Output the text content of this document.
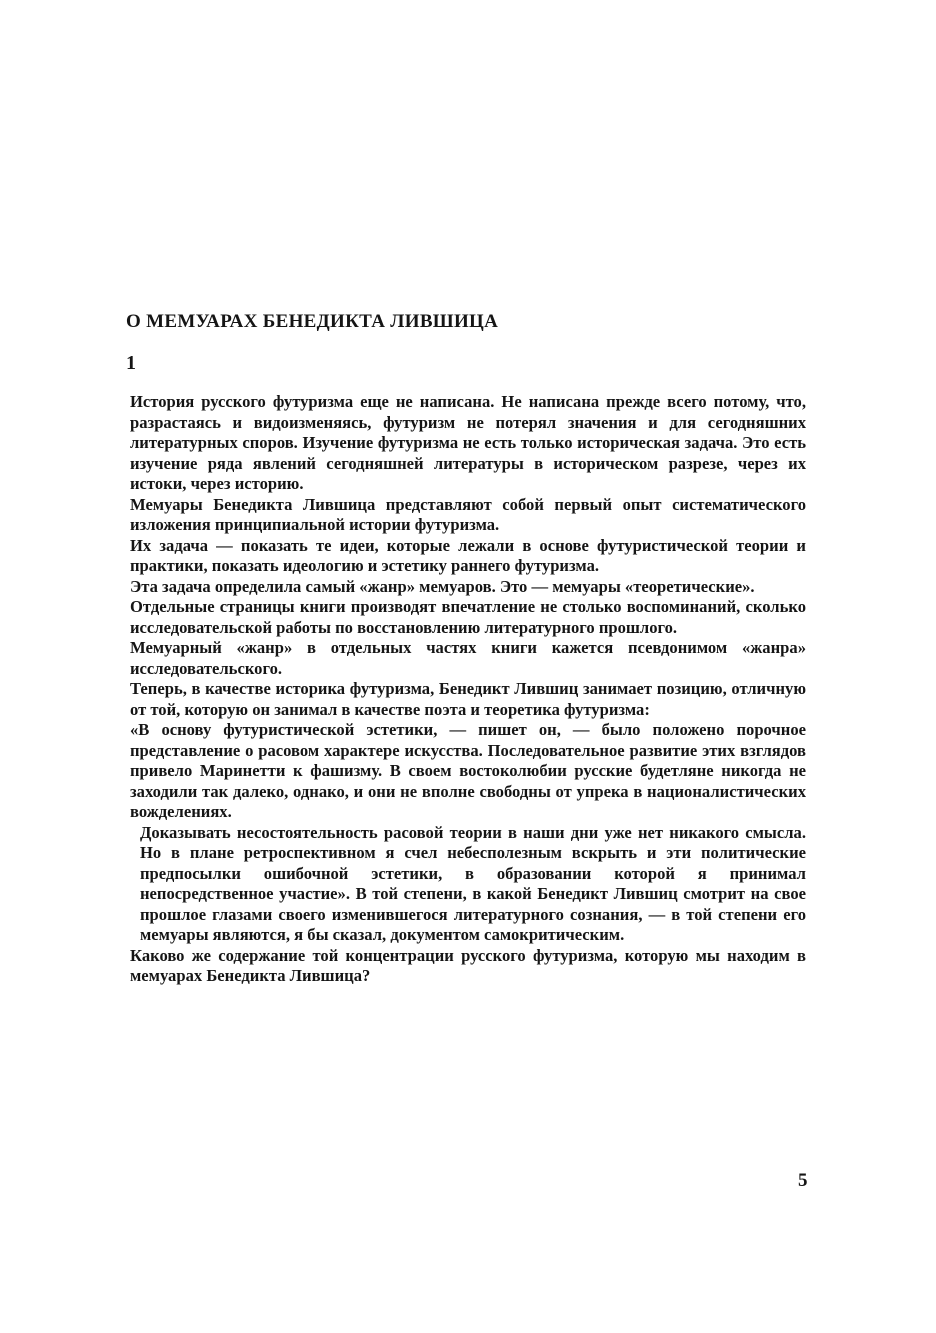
О МЕМУАРАХ БЕНЕДИКТА ЛИВШИЦА
1

История русского футуризма еще не написана. Не написана прежде всего потому, что, разрастаясь и видоизменяясь, футуризм не потерял значения и для сегодняшних литературных споров. Изучение футуризма не есть только историческая задача. Это есть изучение ряда явлений сегодняшней литературы в историческом разрезе, через их истоки, через историю.

Мемуары Бенедикта Лившица представляют собой первый опыт систематического изложения принципиальной истории футуризма.

Их задача — показать те идеи, которые лежали в основе футуристической теории и практики, показать идеологию и эстетику раннего футуризма.

Эта задача определила самый «жанр» мемуаров. Это — мемуары «теоретические».

Отдельные страницы книги производят впечатление не столько воспоминаний, сколько исследовательской работы по восстановлению литературного прошлого.

Мемуарный «жанр» в отдельных частях книги кажется псевдонимом «жанра» исследовательского.

Теперь, в качестве историка футуризма, Бенедикт Лившиц занимает позицию, отличную от той, которую он занимал в качестве поэта и теоретика футуризма:

«В основу футуристической эстетики, — пишет он, — было положено порочное представление о расовом характере искусства. Последовательное развитие этих взглядов привело Маринетти к фашизму. В своем востоколюбии русские будетляне никогда не заходили так далеко, однако, и они не вполне свободны от упрека в националистических вожделениях.

Доказывать несостоятельность расовой теории в наши дни уже нет никакого смысла. Но в плане ретроспективном я счел небесполезным вскрыть и эти политические предпосылки ошибочной эстетики, в образовании которой я принимал непосредственное участие». В той степени, в какой Бенедикт Лившиц смотрит на свое прошлое глазами своего изменившегося литературного сознания, — в той степени его мемуары являются, я бы сказал, документом самокритическим.

Каково же содержание той концентрации русского футуризма, которую мы находим в мемуарах Бенедикта Лившица?

5
